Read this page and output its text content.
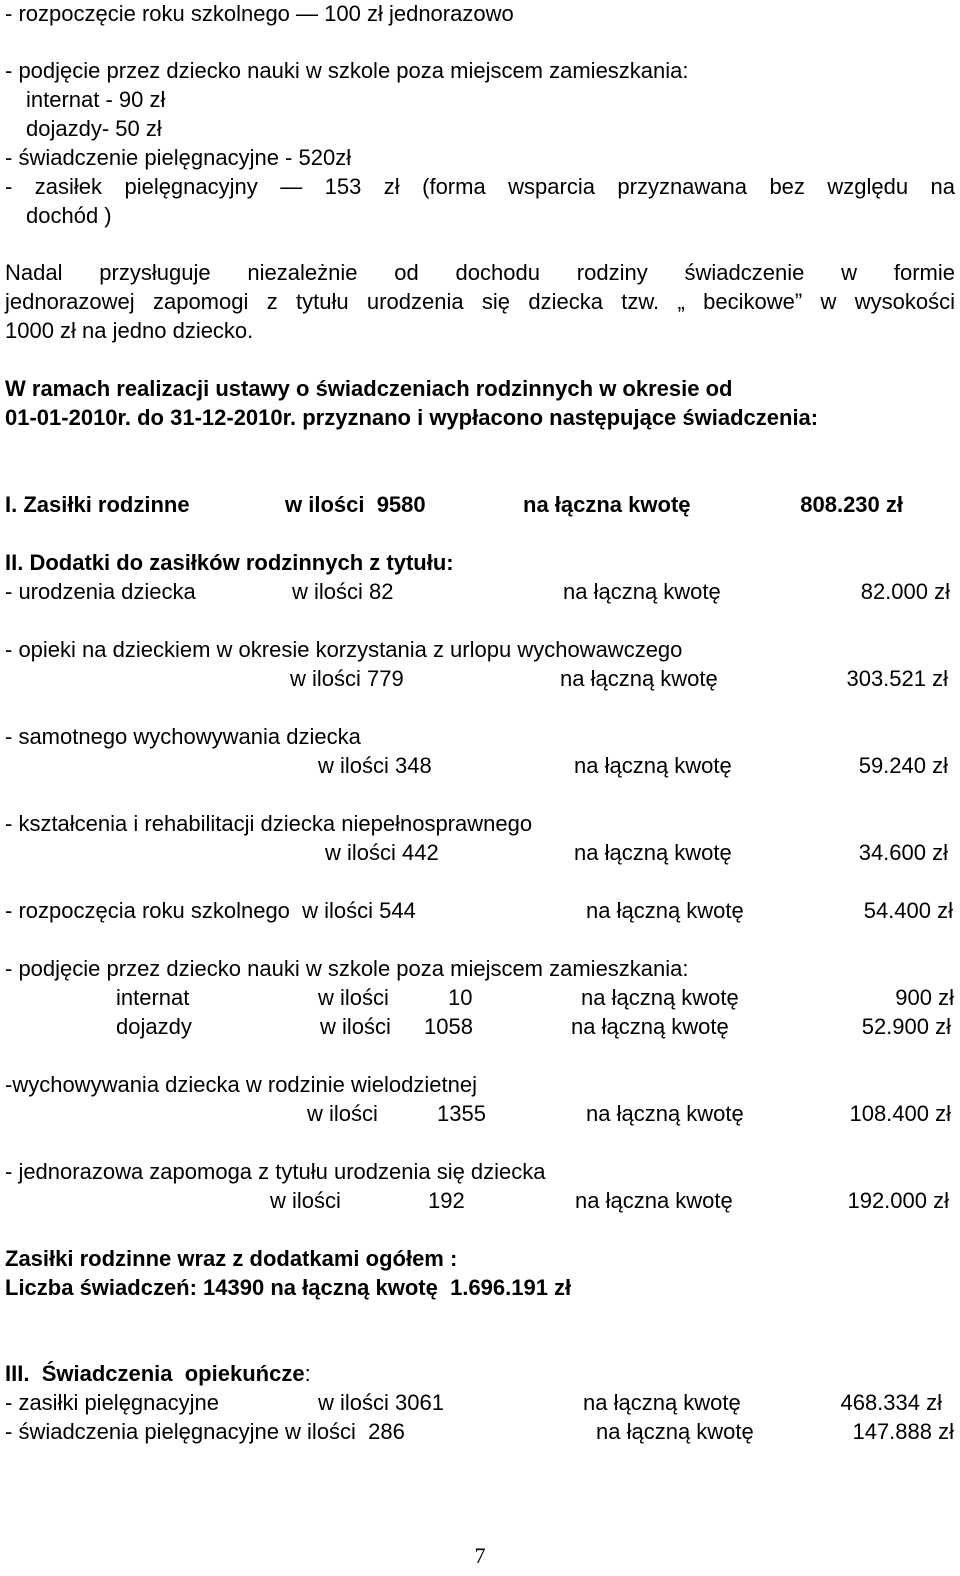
- rozpoczęcie roku szkolnego — 100 zł jednorazowo
- podjęcie przez dziecko nauki w szkole poza miejscem zamieszkania:
internat - 90 zł
dojazdy- 50 zł
- świadczenie pielęgnacyjne - 520zł
- zasiłek pielęgnacyjny — 153 zł (forma wsparcia przyznawana bez względu na
dochód )
Nadal przysługuje niezależnie od dochodu rodziny świadczenie w formie
jednorazowej zapomogi z tytułu urodzenia się dziecka tzw. „ becikowe” w wysokości
1000 zł na jedno dziecko.
W ramach realizacji ustawy o świadczeniach rodzinnych w okresie od
01-01-2010r. do 31-12-2010r. przyznano i wypłacono następujące świadczenia:
I. Zasiłki rodzinne	w ilości  9580	na łączna kwotę	808.230 zł
II. Dodatki do zasiłków rodzinnych z tytułu:
- urodzenia dziecka	w ilości 82	na łączną kwotę	82.000 zł
- opieki na dzieckiem w okresie korzystania z urlopu wychowawczego
w ilości 779	na łączną kwotę	303.521 zł
- samotnego wychowywania dziecka
w ilości 348	na łączną kwotę	59.240 zł
- kształcenia i rehabilitacji dziecka niepełnosprawnego
w ilości 442	na łączną kwotę	34.600 zł
- rozpoczęcia roku szkolnego  w ilości 544	na łączną kwotę	54.400 zł
- podjęcie przez dziecko nauki w szkole poza miejscem zamieszkania:
internat	w ilości	10	na łączną kwotę	900 zł
dojazdy	w ilości 1058	na łączną kwotę	52.900 zł
-wychowywania dziecka w rodzinie wielodzietnej
w ilości	1355	na łączną kwotę	108.400 zł
- jednorazowa zapomoga z tytułu urodzenia się dziecka
w ilości	192	na łączna kwotę	192.000 zł
Zasiłki rodzinne wraz z dodatkami ogółem :
Liczba świadczeń: 14390 na łączną kwotę  1.696.191 zł
III. Świadczenia  opiekuńcze:
- zasiłki pielęgnacyjne	w ilości 3061	na łączną kwotę	468.334 zł
- świadczenia pielęgnacyjne w ilości  286	na łączną kwotę	147.888 zł
7
